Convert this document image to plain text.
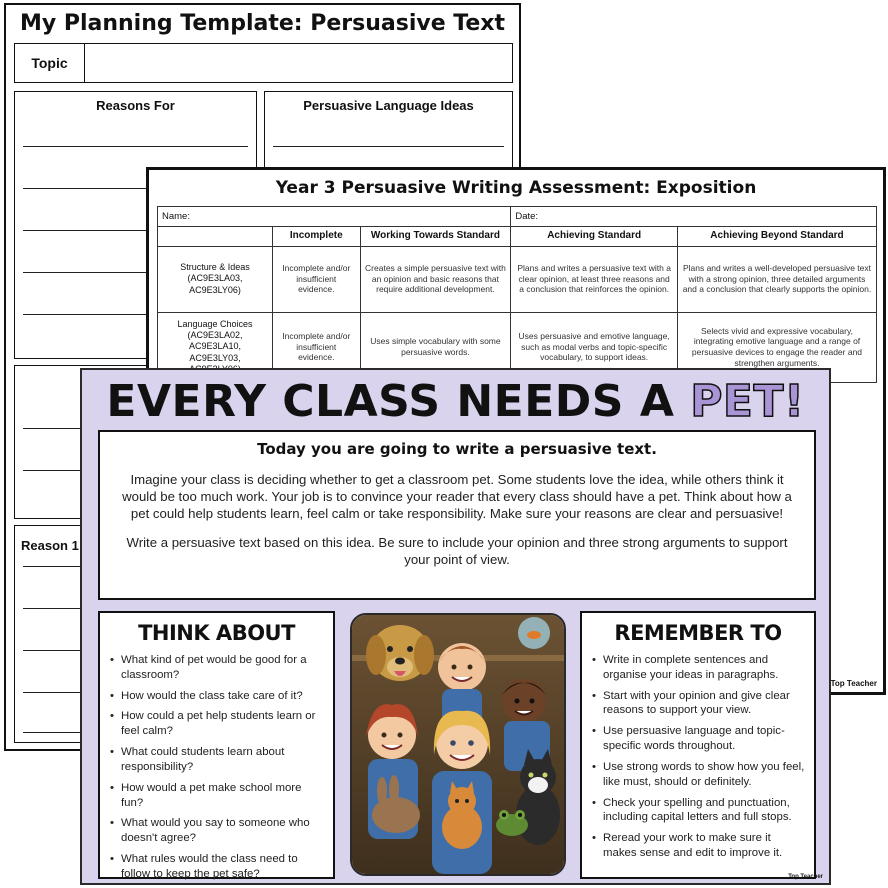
My Planning Template: Persuasive Text
Topic
Reasons For	Persuasive Language Ideas
Reason 1
Year 3 Persuasive Writing Assessment: Exposition
Name:			Date:	
	Incomplete	Working Towards Standard	Achieving Standard	Achieving Beyond Standard
Structure & Ideas
(AC9E3LA03,
AC9E3LY06)	Incomplete and/or insufficient evidence.	Creates a simple persuasive text with an opinion and basic reasons that require additional development.	Plans and writes a persuasive text with a clear opinion, at least three reasons and a conclusion that reinforces the opinion.	Plans and writes a well-developed persuasive text with a strong opinion, three detailed arguments and a conclusion that clearly supports the opinion.
Language Choices
(AC9E3LA02,
AC9E3LA10,
AC9E3LY03,	Incomplete and/or insufficient evidence.	Uses simple vocabulary with some persuasive words.	Uses persuasive and emotive language, such as modal verbs and topic-specific vocabulary, to support ideas.	Selects vivid and expressive vocabulary, integrating emotive language and a range of persuasive devices to engage the reader and strengthen arguments.
Top Teacher
EVERY CLASS NEEDS A PET!
Today you are going to write a persuasive text.

Imagine your class is deciding whether to get a classroom pet. Some students love the idea, while others think it would be too much work. Your job is to convince your reader that every class should have a pet. Think about how a pet could help students learn, feel calm or take responsibility. Make sure your reasons are clear and persuasive!

Write a persuasive text based on this idea. Be sure to include your opinion and three strong arguments to support your point of view.

THINK ABOUT
• What kind of pet would be good for a classroom?
• How would the class take care of it?
• How could a pet help students learn or feel calm?
• What could students learn about responsibility?
• How would a pet make school more fun?
• What would you say to someone who doesn't agree?
• What rules would the class need to follow to keep the pet safe?
REMEMBER TO
• Write in complete sentences and organise your ideas in paragraphs.
• Start with your opinion and give clear reasons to support your view.
• Use persuasive language and topic-specific words throughout.
• Use strong words to show how you feel, like must, should or definitely.
• Check your spelling and punctuation, including capital letters and full stops.
• Reread your work to make sure it makes sense and edit to improve it.
Top Teacher
